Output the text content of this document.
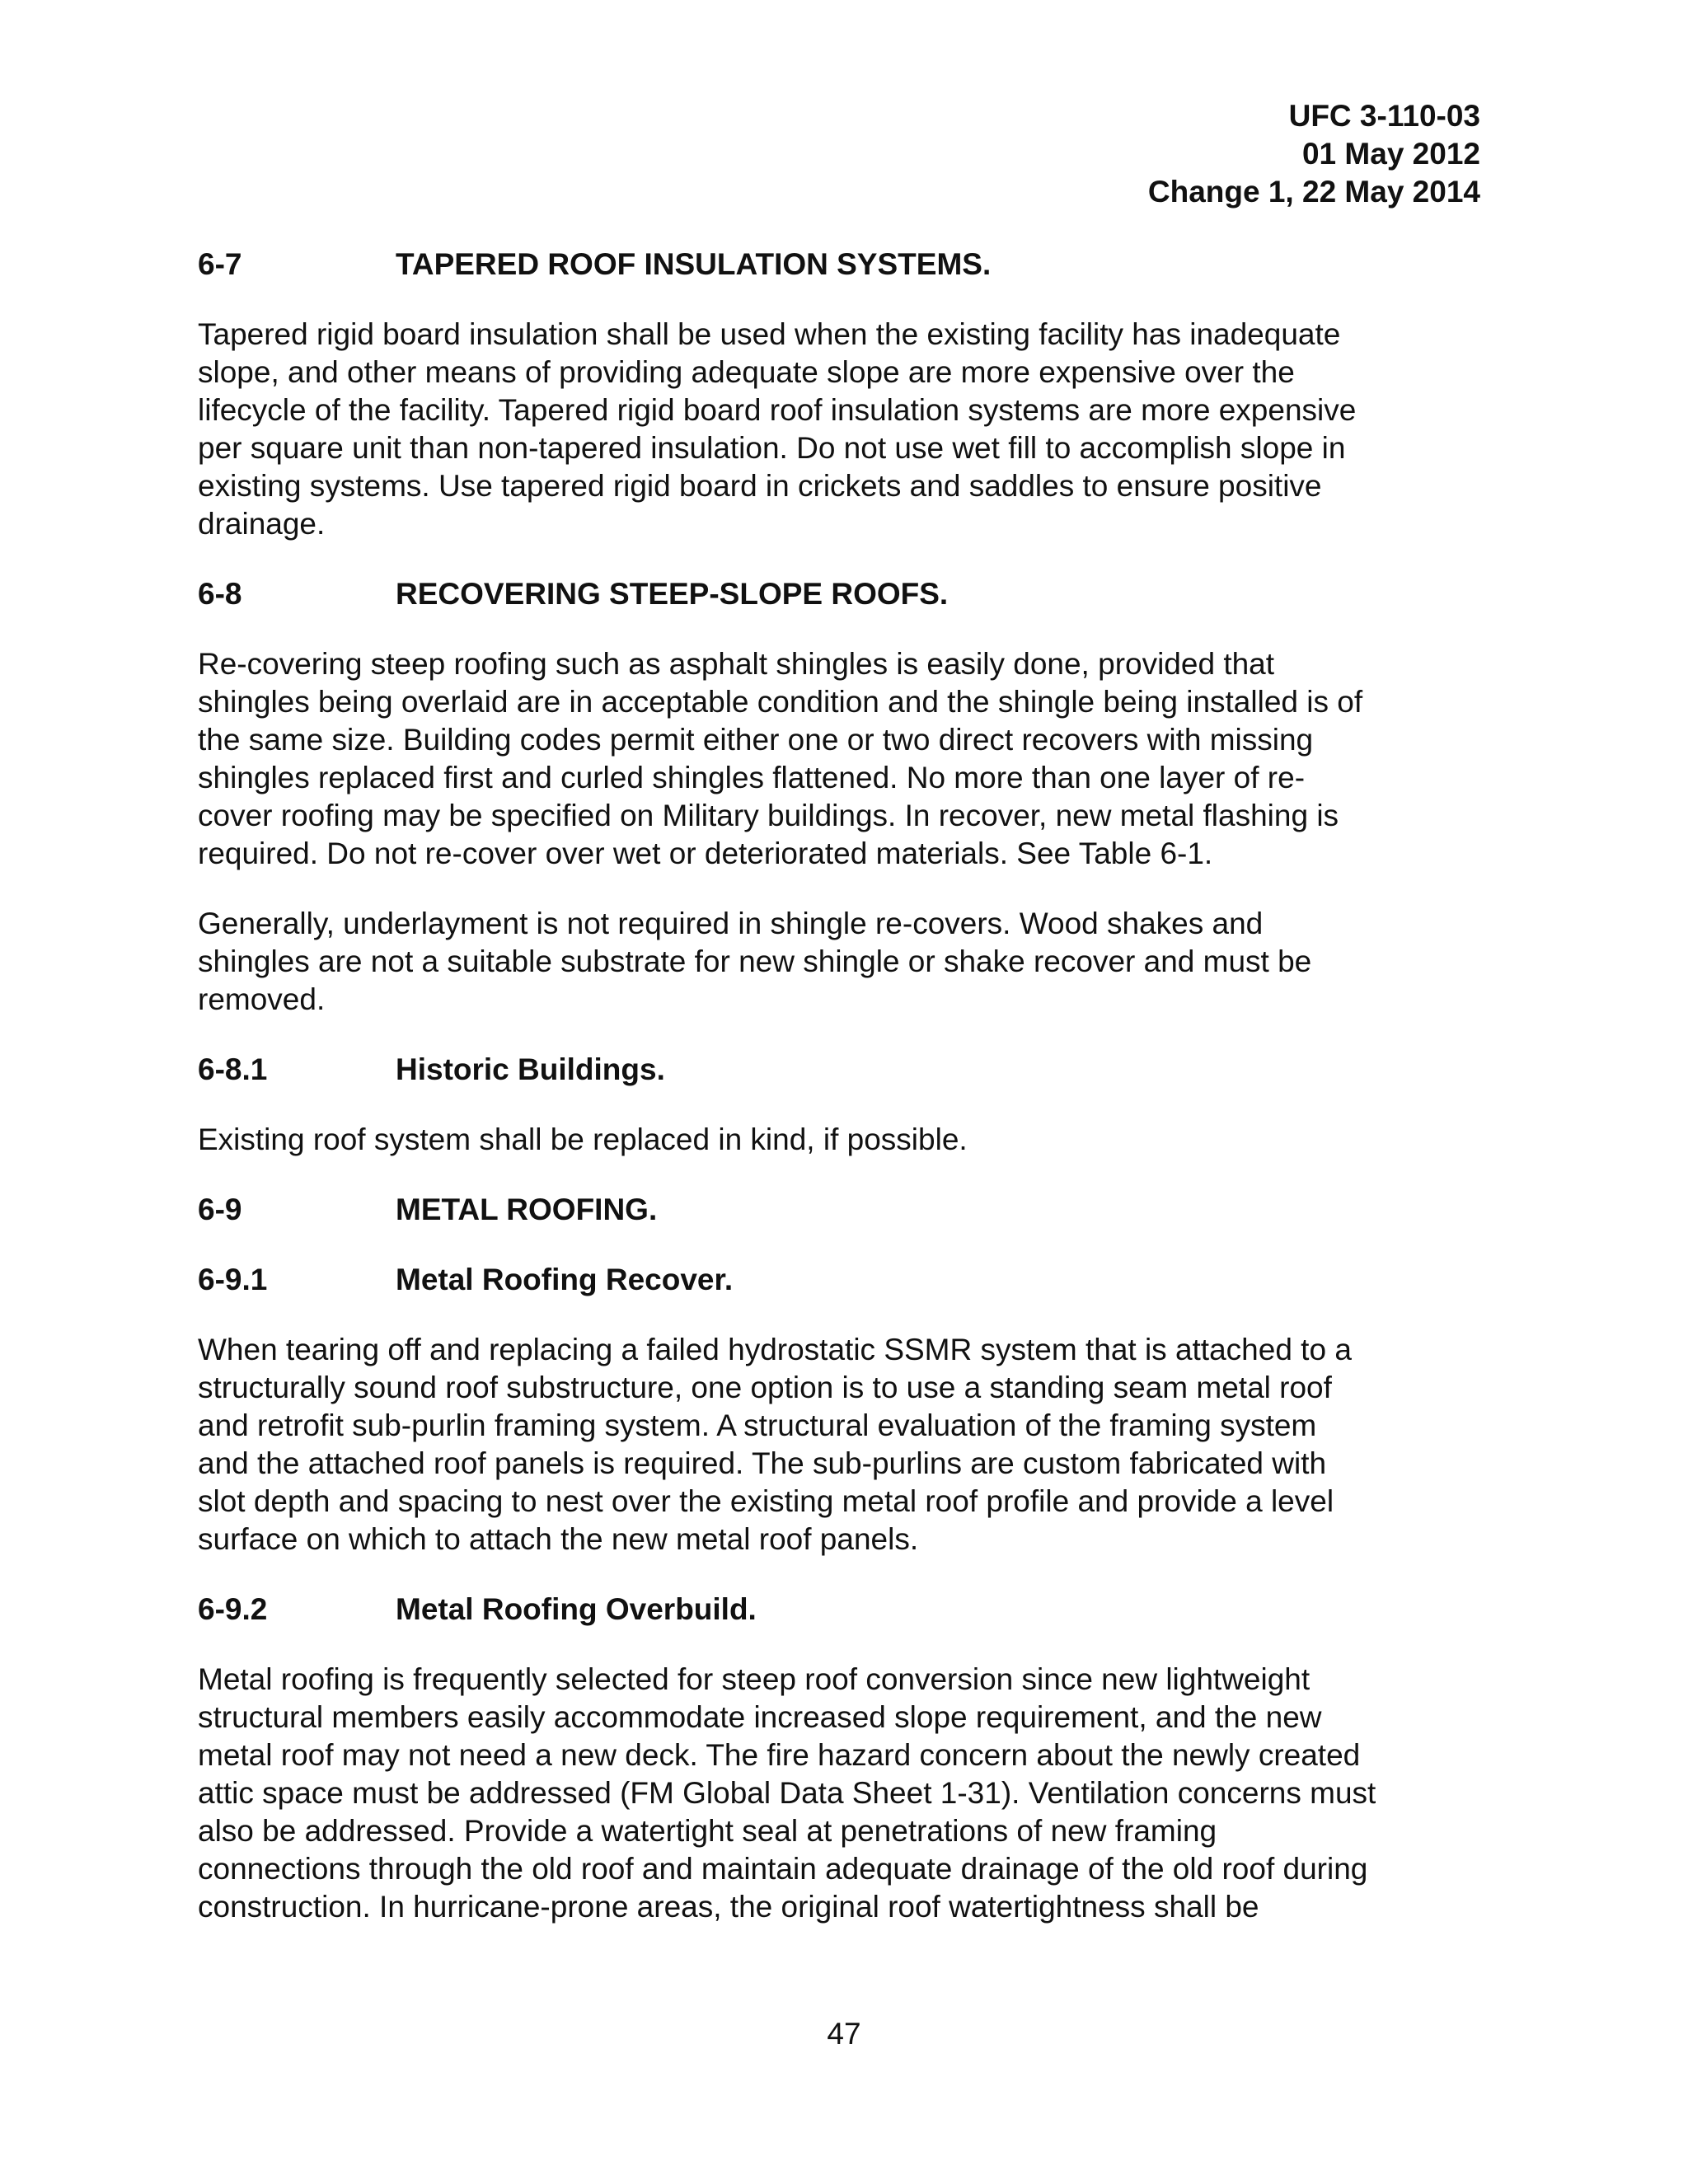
UFC 3-110-03
01 May 2012
Change 1, 22 May 2014
6-7	TAPERED ROOF INSULATION SYSTEMS.
Tapered rigid board insulation shall be used when the existing facility has inadequate
slope, and other means of providing adequate slope are more expensive over the
lifecycle of the facility. Tapered rigid board roof insulation systems are more expensive
per square unit than non-tapered insulation. Do not use wet fill to accomplish slope in
existing systems. Use tapered rigid board in crickets and saddles to ensure positive
drainage.
6-8	RECOVERING STEEP-SLOPE ROOFS.
Re-covering steep roofing such as asphalt shingles is easily done, provided that
shingles being overlaid are in acceptable condition and the shingle being installed is of
the same size. Building codes permit either one or two direct recovers with missing
shingles replaced first and curled shingles flattened. No more than one layer of re-
cover roofing may be specified on Military buildings. In recover, new metal flashing is
required. Do not re-cover over wet or deteriorated materials. See Table 6-1.
Generally, underlayment is not required in shingle re-covers. Wood shakes and
shingles are not a suitable substrate for new shingle or shake recover and must be
removed.
6-8.1	Historic Buildings.
Existing roof system shall be replaced in kind, if possible.
6-9	METAL ROOFING.
6-9.1	Metal Roofing Recover.
When tearing off and replacing a failed hydrostatic SSMR system that is attached to a
structurally sound roof substructure, one option is to use a standing seam metal roof
and retrofit sub-purlin framing system. A structural evaluation of the framing system
and the attached roof panels is required. The sub-purlins are custom fabricated with
slot depth and spacing to nest over the existing metal roof profile and provide a level
surface on which to attach the new metal roof panels.
6-9.2	Metal Roofing Overbuild.
Metal roofing is frequently selected for steep roof conversion since new lightweight
structural members easily accommodate increased slope requirement, and the new
metal roof may not need a new deck. The fire hazard concern about the newly created
attic space must be addressed (FM Global Data Sheet 1-31). Ventilation concerns must
also be addressed. Provide a watertight seal at penetrations of new framing
connections through the old roof and maintain adequate drainage of the old roof during
construction. In hurricane-prone areas, the original roof watertightness shall be
47
